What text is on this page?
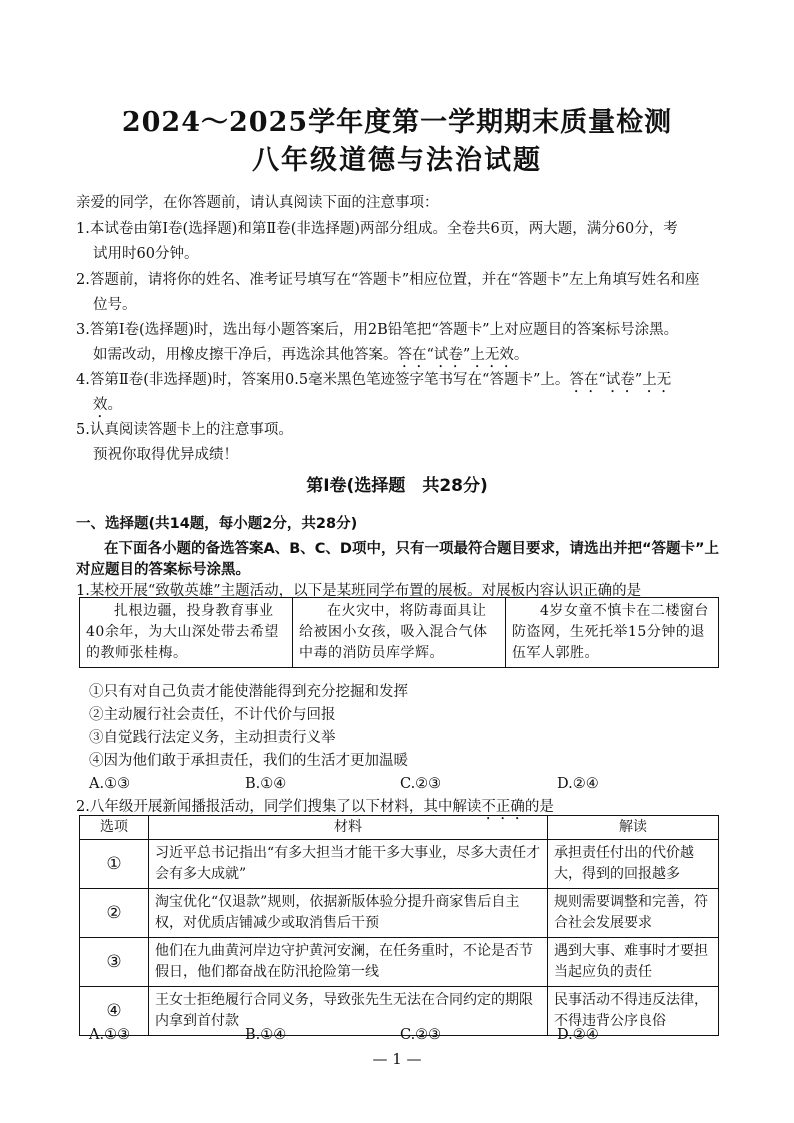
2024～2025学年度第一学期期末质量检测
八年级道德与法治试题
亲爱的同学，在你答题前，请认真阅读下面的注意事项：
1.本试卷由第Ⅰ卷(选择题)和第Ⅱ卷(非选择题)两部分组成。全卷共6页，两大题，满分60分，考
试用时60分钟。
2.答题前，请将你的姓名、准考证号填写在“答题卡”相应位置，并在“答题卡”左上角填写姓名和座
位号。
3.答第Ⅰ卷(选择题)时，选出每小题答案后，用2B铅笔把“答题卡”上对应题目的答案标号涂黑。
如需改动，用橡皮擦干净后，再选涂其他答案。答在“试卷”上无效。
4.答第Ⅱ卷(非选择题)时，答案用0.5毫米黑色笔迹签字笔书写在“答题卡”上。答在“试卷”上无
效。
5.认真阅读答题卡上的注意事项。
预祝你取得优异成绩！
第Ⅰ卷(选择题　共28分)
一、选择题(共14题，每小题2分，共28分)
在下面各小题的备选答案A、B、C、D项中，只有一项最符合题目要求，请选出并把“答题卡”上
对应题目的答案标号涂黑。
1.某校开展“致敬英雄”主题活动，以下是某班同学布置的展板。对展板内容认识正确的是
扎根边疆，投身教育事业40余年，为大山深处带去希望的教师张桂梅。	在火灾中，将防毒面具让给被困小女孩，吸入混合气体中毒的消防员库学辉。	4岁女童不慎卡在二楼窗台防盗网，生死托举15分钟的退伍军人郭胜。
①只有对自己负责才能使潜能得到充分挖掘和发挥
②主动履行社会责任，不计代价与回报
③自觉践行法定义务，主动担责行义举
④因为他们敢于承担责任，我们的生活才更加温暖
A.①③	B.①④	C.②③	D.②④
2.八年级开展新闻播报活动，同学们搜集了以下材料，其中解读不正确的是
选项	材料	解读
①	习近平总书记指出“有多大担当才能干多大事业，尽多大责任才会有多大成就”	承担责任付出的代价越大，得到的回报越多
②	淘宝优化“仅退款”规则，依据新版体验分提升商家售后自主权，对优质店铺减少或取消售后干预	规则需要调整和完善，符合社会发展要求
③	他们在九曲黄河岸边守护黄河安澜，在任务重时，不论是否节假日，他们都奋战在防汛抢险第一线	遇到大事、难事时才要担当起应负的责任
④	王女士拒绝履行合同义务，导致张先生无法在合同约定的期限内拿到首付款	民事活动不得违反法律，不得违背公序良俗
A.①③	B.①④	C.②③	D.②④
— 1 —
